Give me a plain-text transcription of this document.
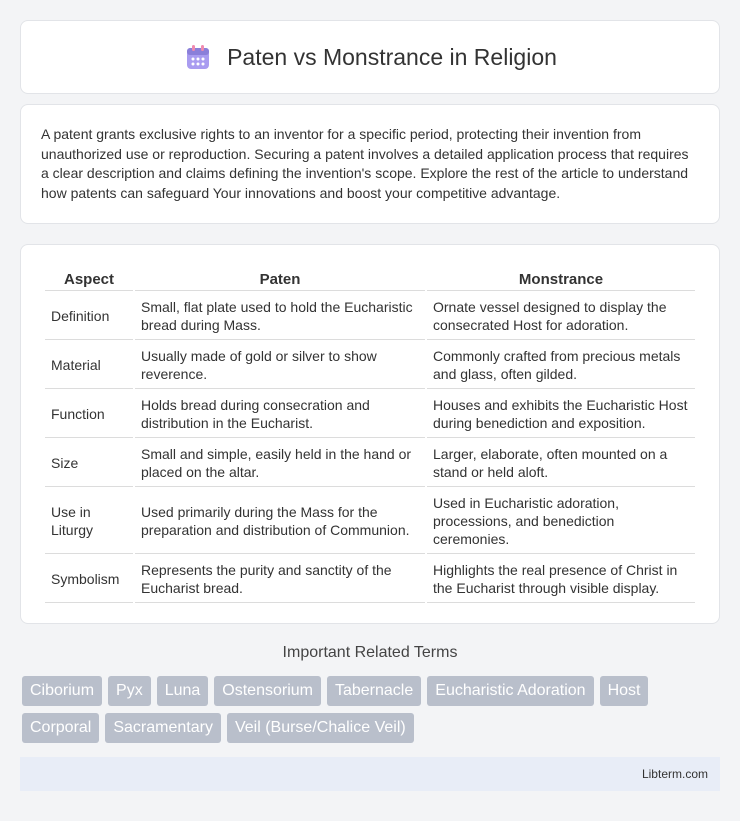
Paten vs Monstrance in Religion

A patent grants exclusive rights to an inventor for a specific period, protecting their invention from unauthorized use or reproduction. Securing a patent involves a detailed application process that requires a clear description and claims defining the invention's scope. Explore the rest of the article to understand how patents can safeguard Your innovations and boost your competitive advantage.

Aspect	Paten	Monstrance
Definition	Small, flat plate used to hold the Eucharistic bread during Mass.	Ornate vessel designed to display the consecrated Host for adoration.
Material	Usually made of gold or silver to show reverence.	Commonly crafted from precious metals and glass, often gilded.
Function	Holds bread during consecration and distribution in the Eucharist.	Houses and exhibits the Eucharistic Host during benediction and exposition.
Size	Small and simple, easily held in the hand or placed on the altar.	Larger, elaborate, often mounted on a stand or held aloft.
Use in Liturgy	Used primarily during the Mass for the preparation and distribution of Communion.	Used in Eucharistic adoration, processions, and benediction ceremonies.
Symbolism	Represents the purity and sanctity of the Eucharist bread.	Highlights the real presence of Christ in the Eucharist through visible display.
Important Related Terms
Ciborium	Pyx	Luna	Ostensorium	Tabernacle	Eucharistic Adoration	Host
Corporal	Sacramentary	Veil (Burse/Chalice Veil)
Libterm.com
